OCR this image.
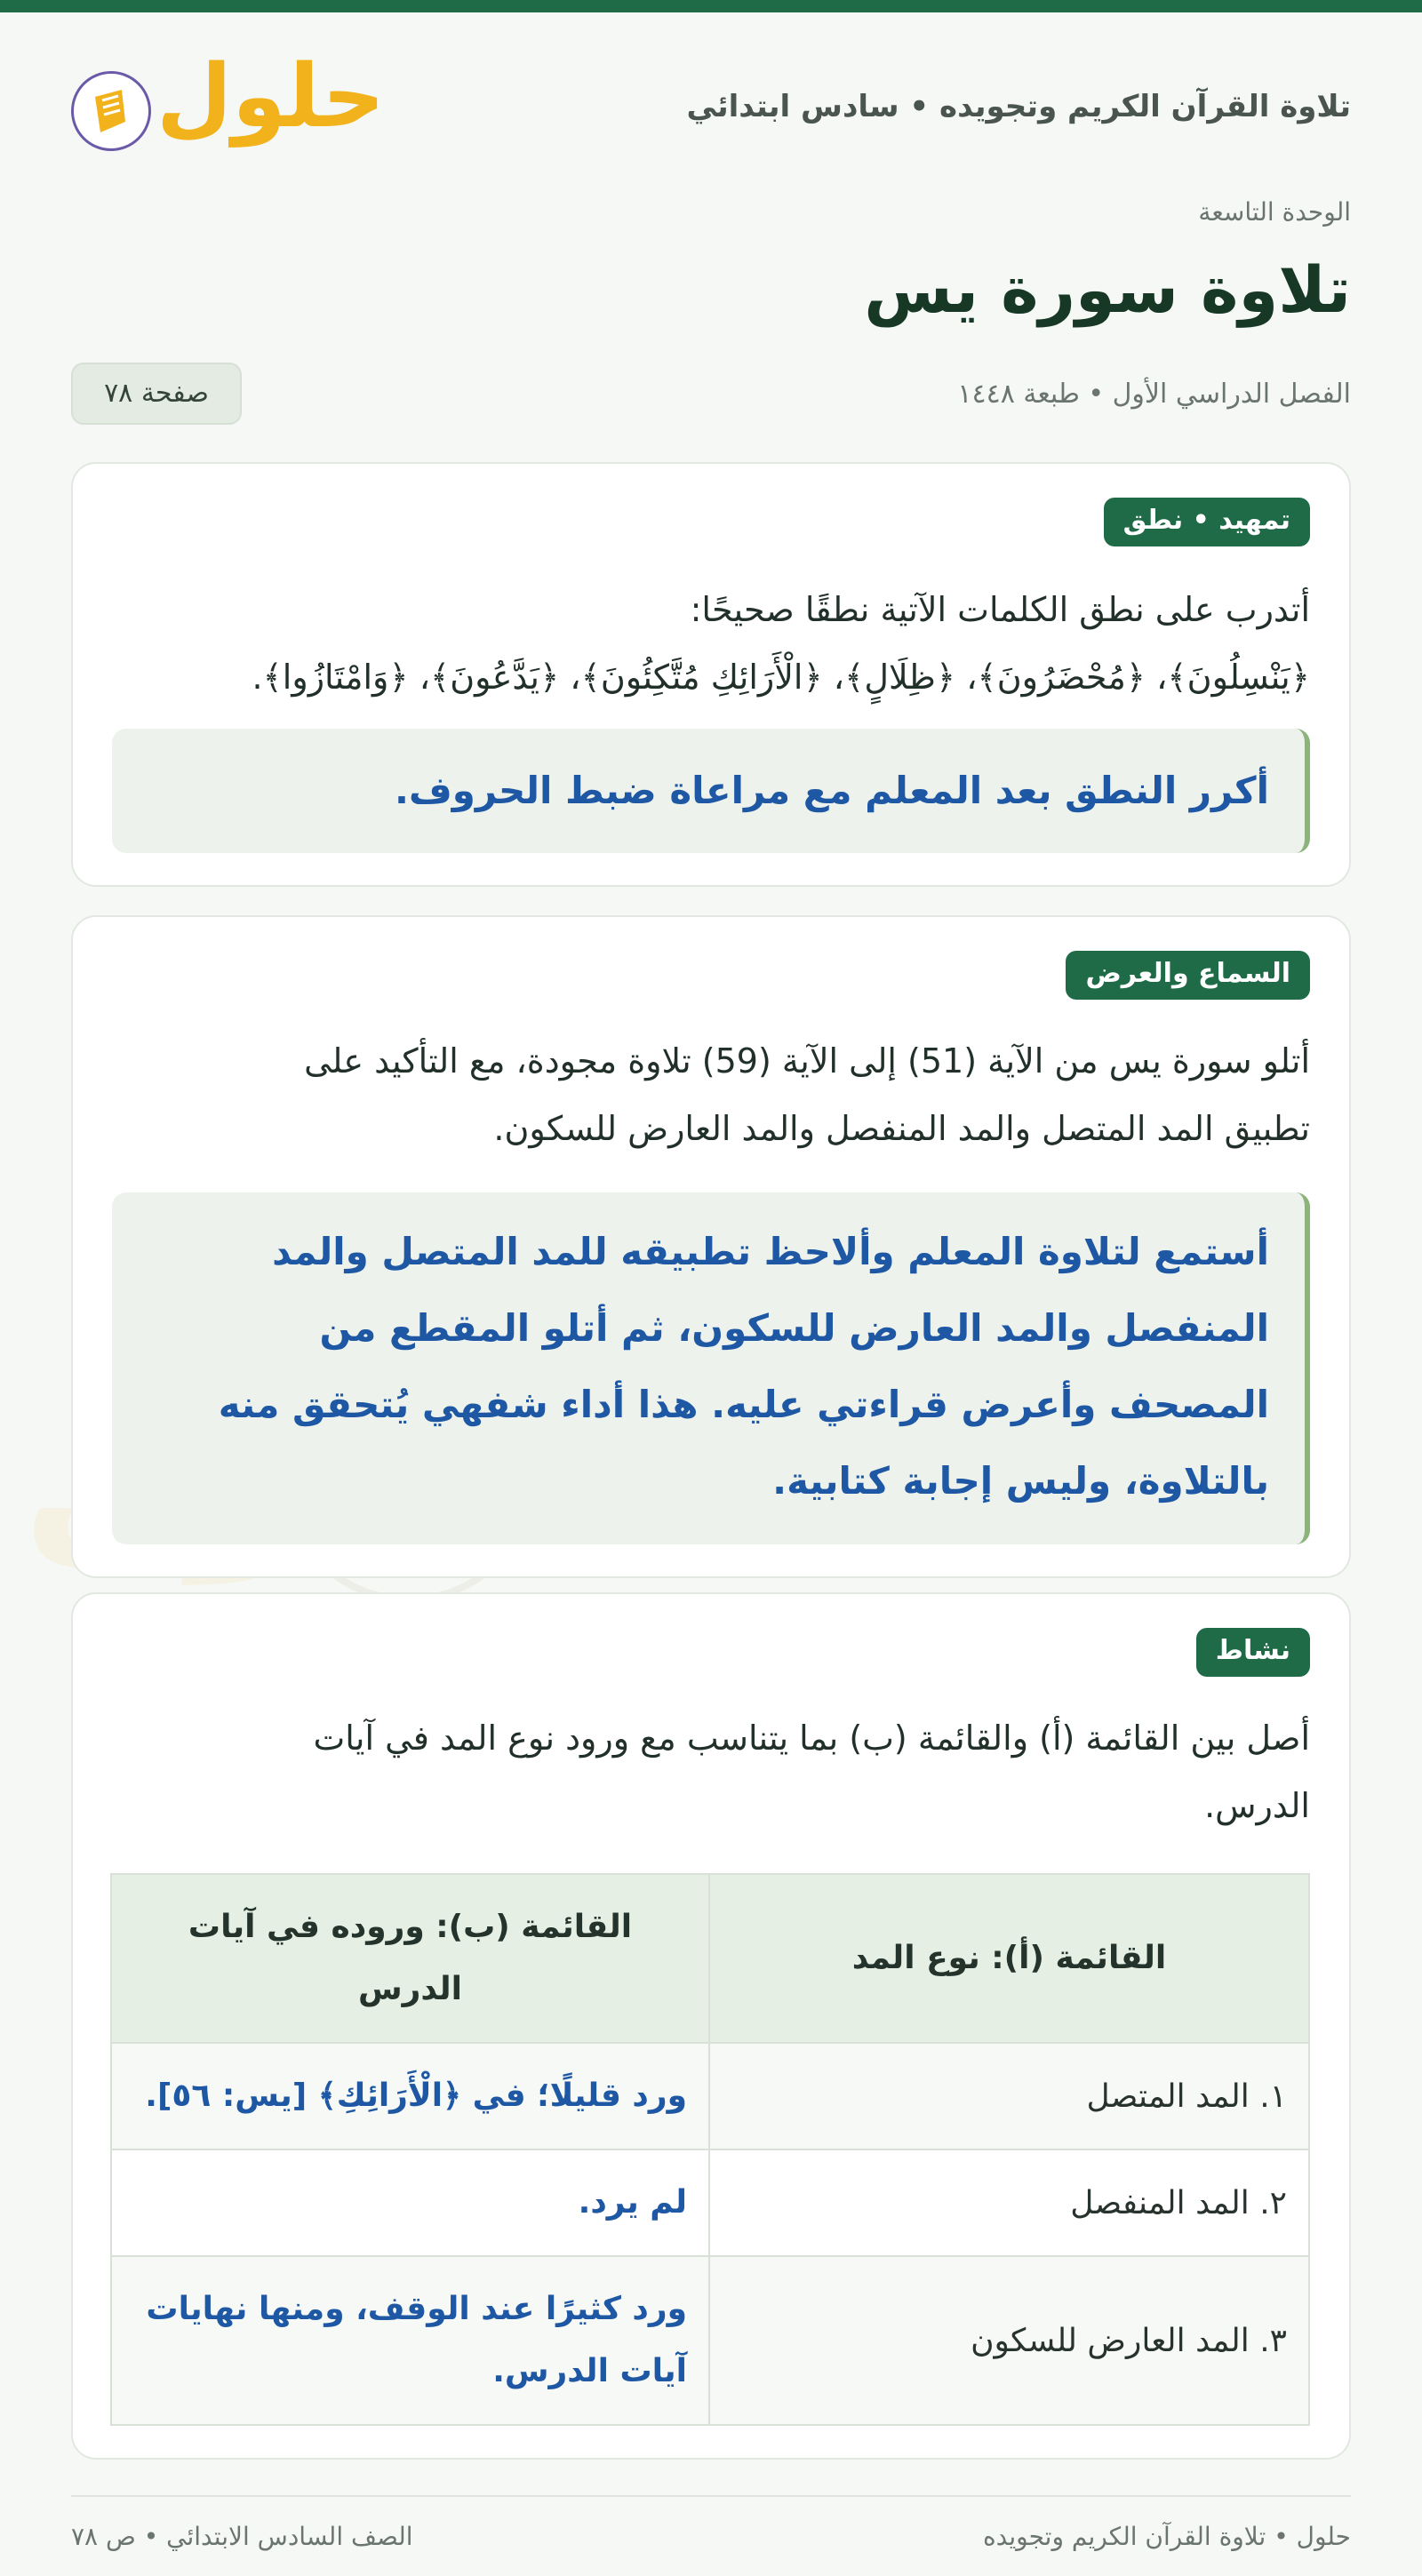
تلاوة القرآن الكريم وتجويده • سادس ابتدائي
حلول
الوحدة التاسعة
تلاوة سورة يس
الفصل الدراسي الأول • طبعة ١٤٤٨
صفحة ٧٨
تمهيد • نطق
أتدرب على نطق الكلمات الآتية نطقًا صحيحًا:
﴿يَنْسِلُونَ﴾، ﴿مُحْضَرُونَ﴾، ﴿ظِلَالٍ﴾، ﴿الْأَرَائِكِ مُتَّكِئُونَ﴾، ﴿يَدَّعُونَ﴾، ﴿وَامْتَازُوا﴾.
أكرر النطق بعد المعلم مع مراعاة ضبط الحروف.
السماع والعرض
أتلو سورة يس من الآية (51) إلى الآية (59) تلاوة مجودة، مع التأكيد على
تطبيق المد المتصل والمد المنفصل والمد العارض للسكون.
أستمع لتلاوة المعلم وألاحظ تطبيقه للمد المتصل والمد
المنفصل والمد العارض للسكون، ثم أتلو المقطع من
المصحف وأعرض قراءتي عليه. هذا أداء شفهي يُتحقق منه
بالتلاوة، وليس إجابة كتابية.
نشاط
أصل بين القائمة (أ) والقائمة (ب) بما يتناسب مع ورود نوع المد في آيات
الدرس.
القائمة (أ): نوع المد	القائمة (ب): وروده في آيات
الدرس

١. المد المتصل	ورد قليلًا؛ في ﴿الْأَرَائِكِ﴾ [يس: ٥٦].
٢. المد المنفصل	لم يرد.
٣. المد العارض للسكون	ورد كثيرًا عند الوقف، ومنها نهايات
آيات الدرس.
حلول • تلاوة القرآن الكريم وتجويده
الصف السادس الابتدائي • ص ٧٨
